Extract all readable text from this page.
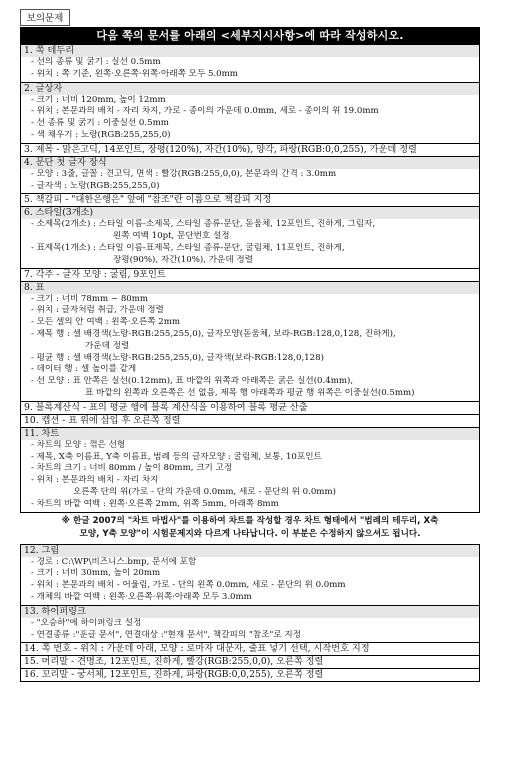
보의문제
다음 쪽의 문서를 아래의 <세부지시사항>에 따라 작성하시오.
1. 쪽 테두리
- 선의 종류 및 굵기 : 실선 0.5mm
- 위치 : 쪽 기준, 왼쪽·오른쪽·위쪽·아래쪽 모두 5.0mm
2. 글상자
- 크기 : 너비 120mm, 높이 12mm
- 위치 : 본문과의 배치 - 자리 차지, 가로 - 종이의 가운데 0.0mm, 세로 - 종이의 위 19.0mm
- 선 종류 및 굵기 : 이중실선 0.5mm
- 색 채우기 : 노랑(RGB:255,255,0)
3. 제목 - 맑은고딕, 14포인트, 장평(120%), 자간(10%), 양각, 파랑(RGB:0,0,255), 가운데 정렬
4. 문단 첫 글자 장식
- 모양 : 3줄, 글꼴 : 견고딕, 면색 : 빨강(RGB:255,0,0), 본문과의 간격 : 3.0mm
- 글자색 : 노랑(RGB:255,255,0)
5. 책갈피 - "대한은행은" 앞에 "참조"란 이름으로 책갈피 지정
6. 스타일(3개소)
- 소제목(2개소) : 스타일 이름-소제목, 스타일 종류-문단, 돋움체, 12포인트, 진하게, 그림자,
왼쪽 여백 10pt, 문단번호 설정
- 표제목(1개소) : 스타일 이름-표제목, 스타일 종류-문단, 굴림체, 11포인트, 진하게,
장평(90%), 자간(10%), 가운데 정렬
7. 각주 - 글자 모양 : 굴림, 9포인트
8. 표
- 크기 : 너비 78mm ~ 80mm
- 위치 : 글자처럼 취급, 가운데 정렬
- 모든 셀의 안 여백 : 왼쪽·오른쪽 2mm
- 제목 행 : 셀 배경색(노랑-RGB:255,255,0), 글자모양(돋움체, 보라-RGB:128,0,128, 진하게),
가운데 정렬
- 평균 행 : 셀 배경색(노랑-RGB:255,255,0), 글자색(보라-RGB:128,0,128)
- 데이터 행 : 셀 높이를 같게
- 선 모양 : 표 안쪽은 실선(0.12mm), 표 바깥의 위쪽과 아래쪽은 굵은 실선(0.4mm),
표 바깥의 왼쪽과 오른쪽은 선 없음, 제목 행 아래쪽과 평균 행 위쪽은 이중실선(0.5mm)
9. 블록계산식 - 표의 평균 행에 블록 계산식을 이용하여 블록 평균 산출
10. 캡션 - 표 위에 삽입 후 오른쪽 정렬
11. 차트
- 차트의 모양 : 꺾은 선형
- 제목, X축 이름표, Y축 이름표, 범례 등의 글자모양 : 굴림체, 보통, 10포인트
- 차트의 크기 : 너비 80mm / 높이 80mm, 크기 고정
- 위치 : 본문과의 배치 - 자리 차지
오른쪽 단의 위(가로 - 단의 가운데 0.0mm, 세로 - 문단의 위 0.0mm)
- 차트의 바깥 여백 : 왼쪽·오른쪽 2mm, 위쪽 5mm, 아래쪽 8mm
※ 한글 2007의 "차트 마법사"를 이용하여 차트를 작성할 경우 차트 형태에서 "범례의 테두리, X축
모양, Y축 모양"이 시험문제지와 다르게 나타납니다. 이 부분은 수정하지 않으셔도 됩니다.
12. 그림
- 경로 : C:\WP\비즈니스.bmp, 문서에 포함
- 크기 : 너비 30mm, 높이 20mm
- 위치 : 본문과의 배치 - 어울림, 가로 - 단의 왼쪽 0.0mm, 세로 - 문단의 위 0.0mm
- 개체의 바깥 여백 : 왼쪽·오른쪽·위쪽·아래쪽 모두 3.0mm
13. 하이퍼링크
- "오승하"에 하이퍼링크 설정
- 연결종류 :"훈글 문서", 연결대상 :"현재 문서", 책갈피의 "참조"로 지정
14. 쪽 번호 - 위치 : 가운데 아래, 모양 : 로마자 대문자, 줄표 넣기 선택, 시작번호 지정
15. 머리말 - 견명조, 12포인트, 진하게, 빨강(RGB:255,0,0), 오른쪽 정렬
16. 꼬리말 - 궁서체, 12포인트, 진하게, 파랑(RGB:0,0,255), 오른쪽 정렬
